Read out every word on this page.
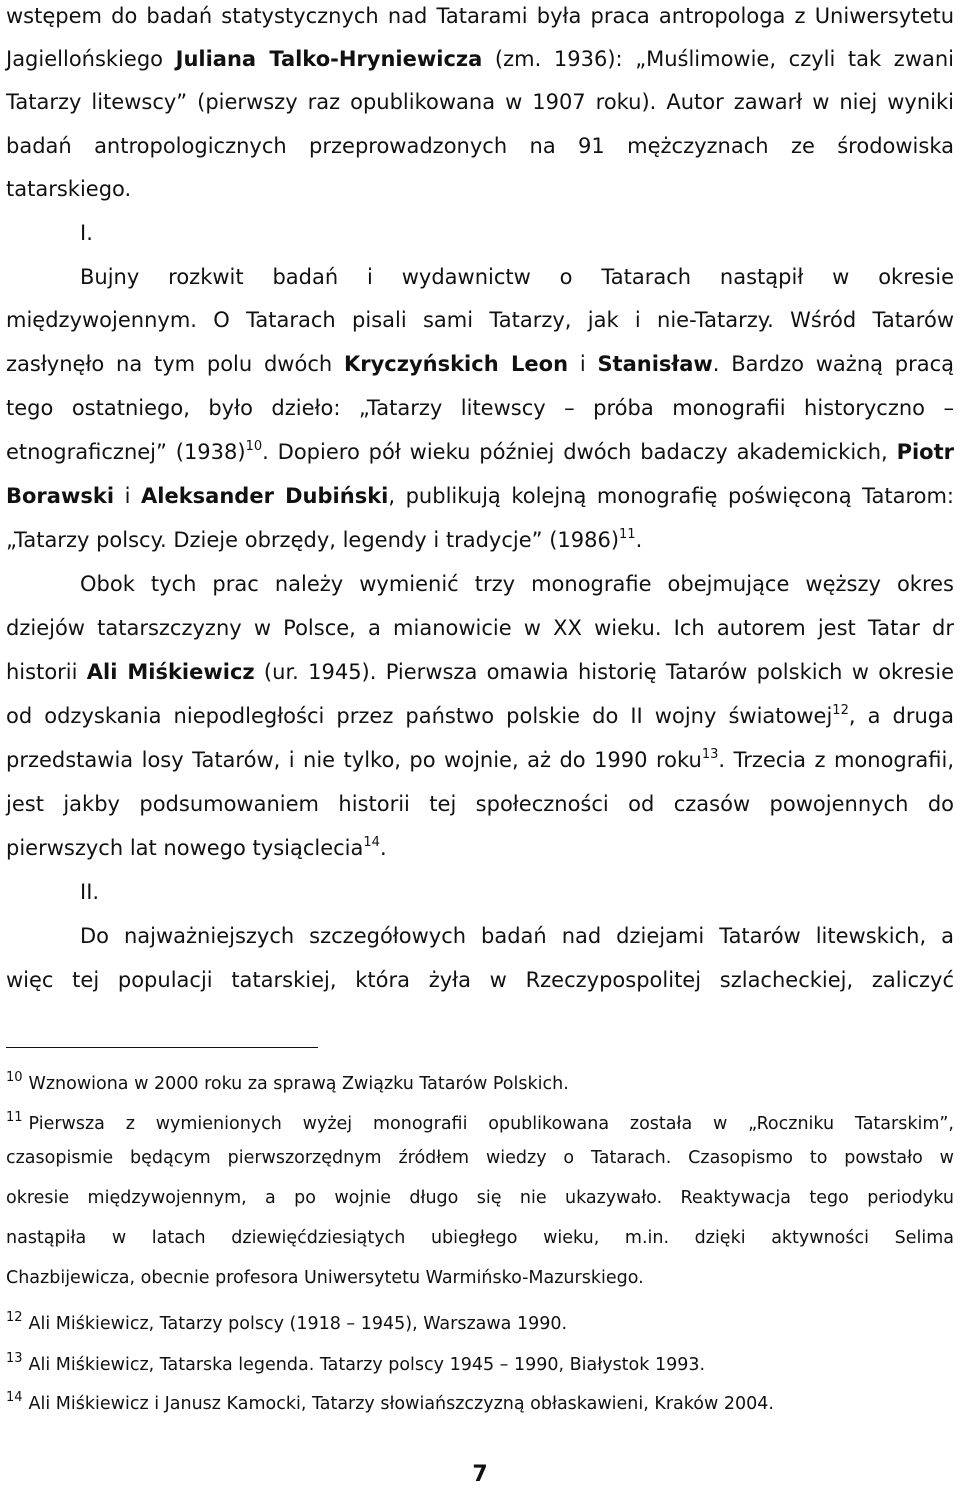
wstępem do badań statystycznych nad Tatarami była praca antropologa z Uniwersytetu
Jagiellońskiego Juliana Talko-Hryniewicza (zm. 1936): „Muślimowie, czyli tak zwani
Tatarzy litewscy” (pierwszy raz opublikowana w 1907 roku). Autor zawarł w niej wyniki
badań antropologicznych przeprowadzonych na 91 mężczyznach ze środowiska
tatarskiego.
I.
Bujny rozkwit badań i wydawnictw o Tatarach nastąpił w okresie
międzywojennym. O Tatarach pisali sami Tatarzy, jak i nie-Tatarzy. Wśród Tatarów
zasłynęło na tym polu dwóch Kryczyńskich Leon i Stanisław. Bardzo ważną pracą
tego ostatniego, było dzieło: „Tatarzy litewscy – próba monografii historyczno –
etnograficznej” $(1938)^{10}$. Dopiero pół wieku później dwóch badaczy akademickich, Piotr
Borawski i Aleksander Dubiński, publikują kolejną monografię poświęconą Tatarom:
„Tatarzy polscy. Dzieje obrzędy, legendy i tradycje” $(1986)^{11}$.
Obok tych prac należy wymienić trzy monografie obejmujące węższy okres
dziejów tatarszczyzny w Polsce, a mianowicie w XX wieku. Ich autorem jest Tatar dr
historii Ali Miśkiewicz (ur. 1945). Pierwsza omawia historię Tatarów polskich w okresie
od odzyskania niepodległości przez państwo polskie do II wojny światowej$^{12}$, a druga
przedstawia losy Tatarów, i nie tylko, po wojnie, aż do 1990 roku$^{13}$. Trzecia z monografii,
jest jakby podsumowaniem historii tej społeczności od czasów powojennych do
pierwszych lat nowego tysiąclecia$^{14}$.
II.
Do najważniejszych szczegółowych badań nad dziejami Tatarów litewskich, a
więc tej populacji tatarskiej, która żyła w Rzeczypospolitej szlacheckiej, zaliczyć
$^{10}$ Wznowiona w 2000 roku za sprawą Związku Tatarów Polskich.
$^{11}$ Pierwsza z wymienionych wyżej monografii opublikowana została w „Roczniku Tatarskim”,
czasopismie będącym pierwszorzędnym źródłem wiedzy o Tatarach. Czasopismo to powstało w
okresie międzywojennym, a po wojnie długo się nie ukazywało. Reaktywacja tego periodyku
nastąpiła w latach dziewięćdziesiątych ubiegłego wieku, m.in. dzięki aktywności Selima
Chazbijewicza, obecnie profesora Uniwersytetu Warmińsko-Mazurskiego.
$^{12}$ Ali Miśkiewicz, Tatarzy polscy (1918 – 1945), Warszawa 1990.
$^{13}$ Ali Miśkiewicz, Tatarska legenda. Tatarzy polscy 1945 – 1990, Białystok 1993.
$^{14}$ Ali Miśkiewicz i Janusz Kamocki, Tatarzy słowiańszczyzną obłaskawieni, Kraków 2004.
7
